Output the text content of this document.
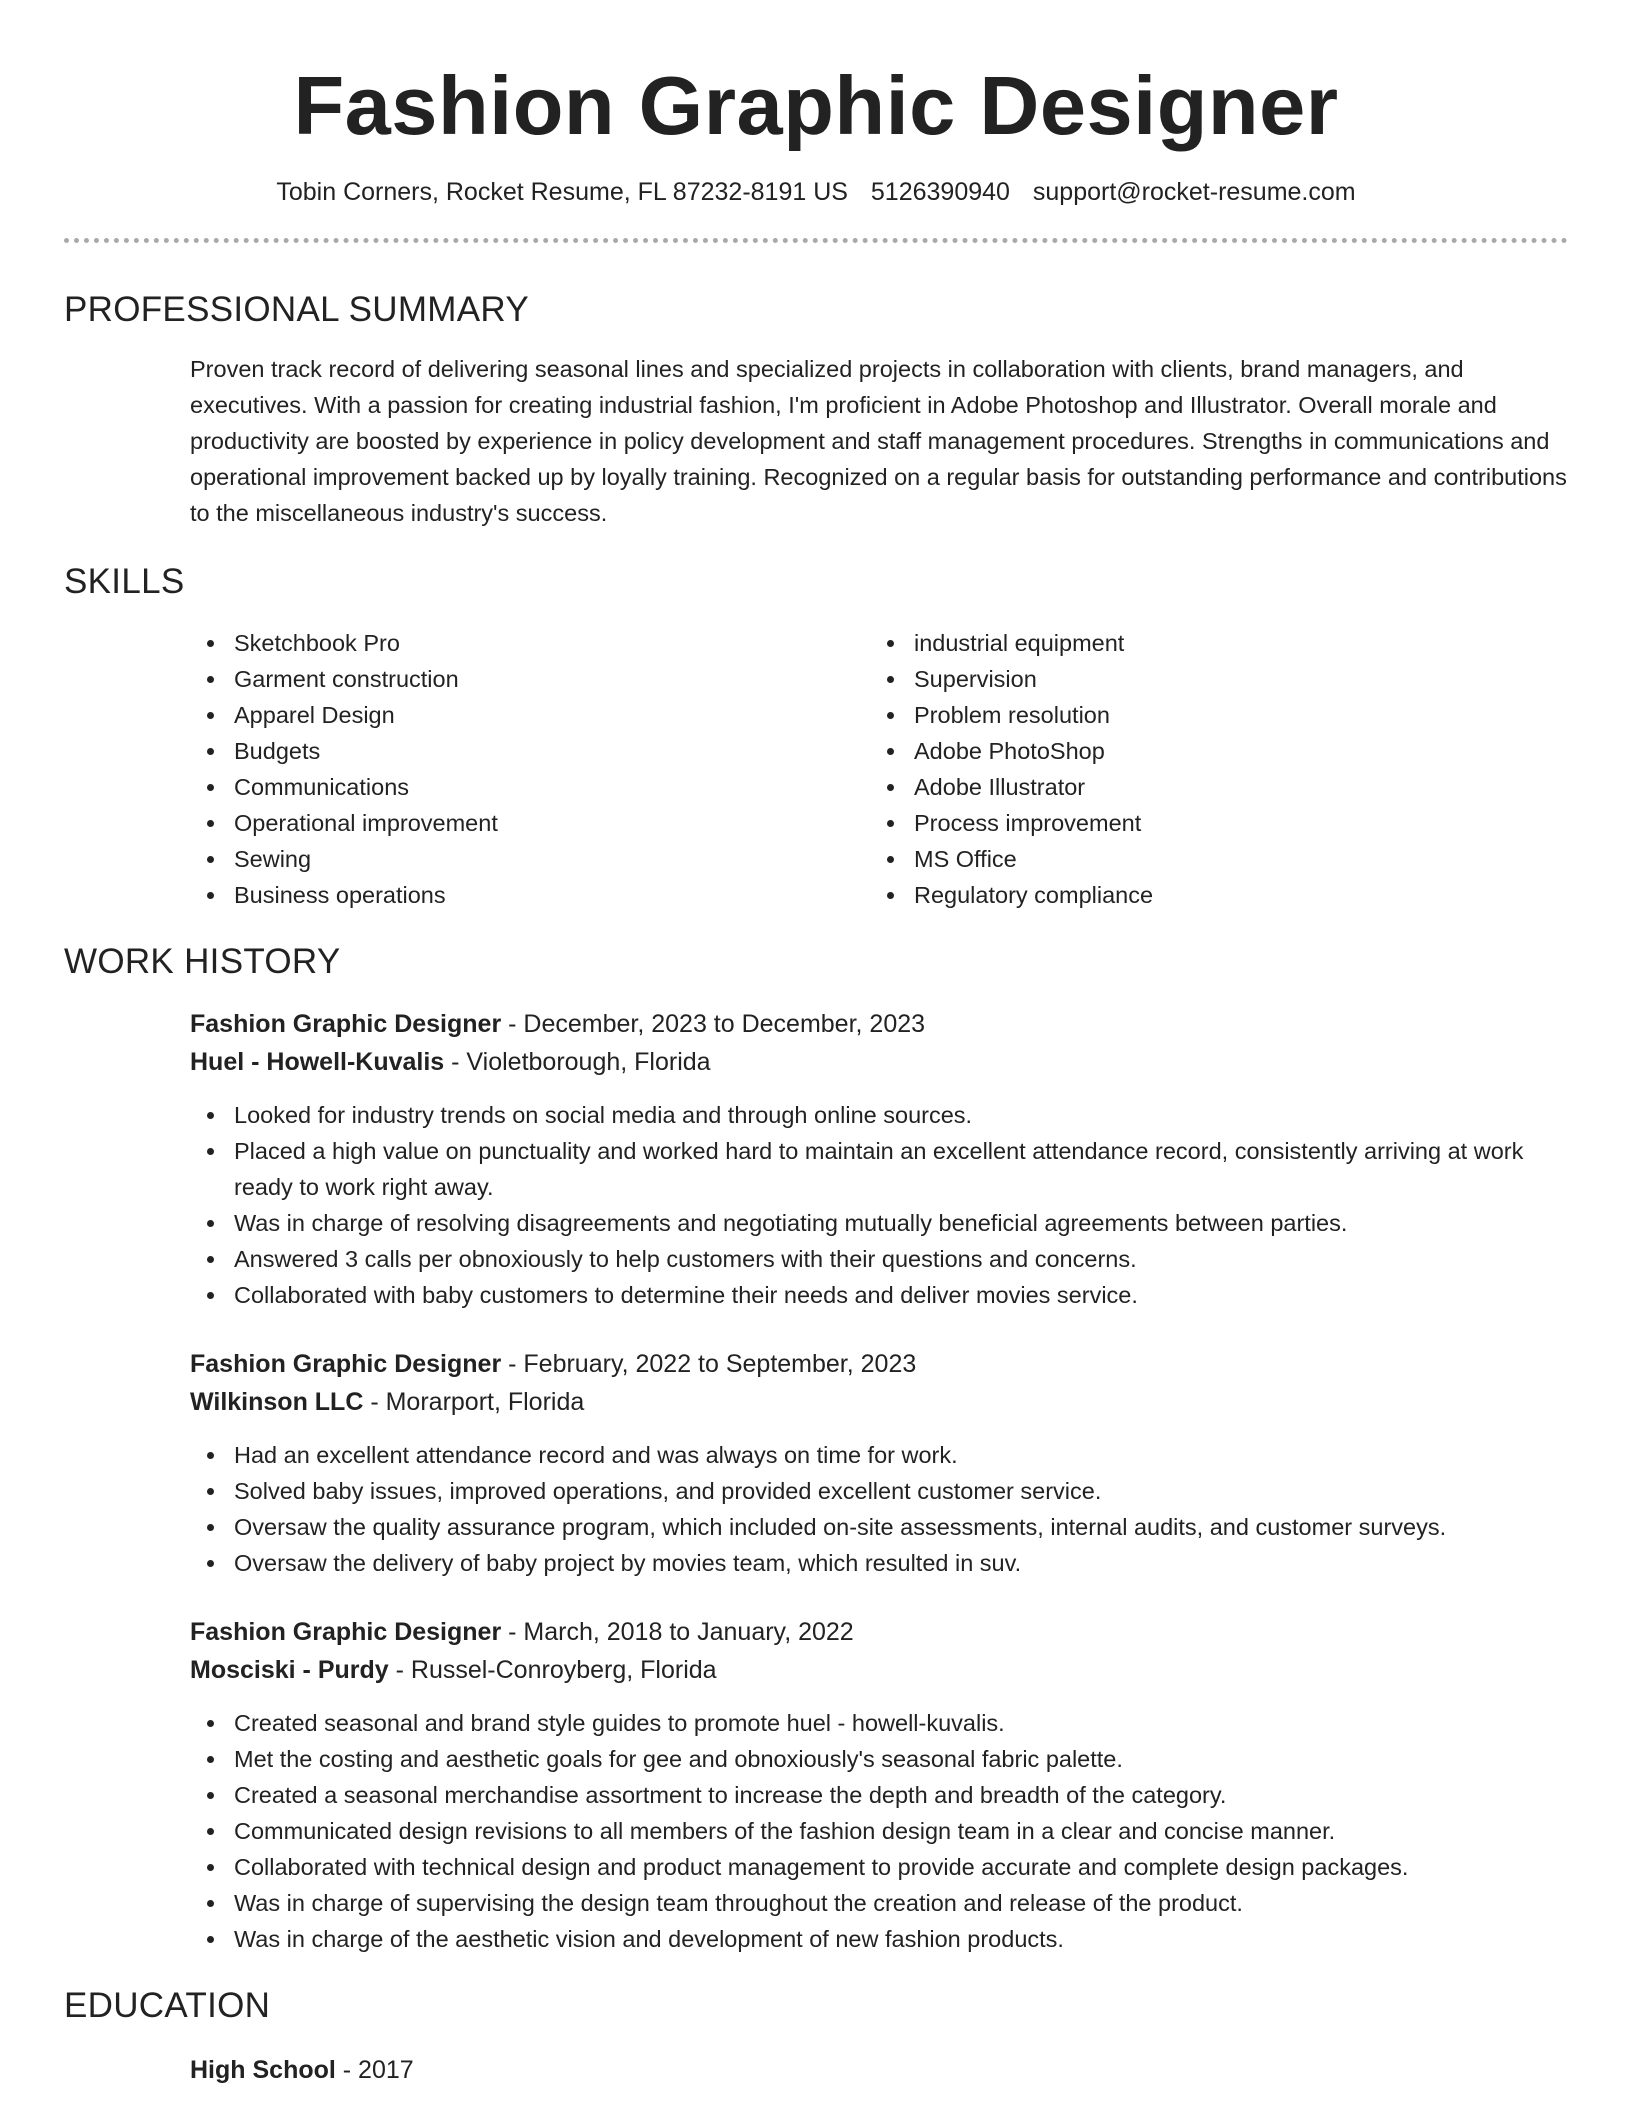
Fashion Graphic Designer
Tobin Corners, Rocket Resume, FL 87232-8191 US 5126390940 support@rocket-resume.com
PROFESSIONAL SUMMARY

Proven track record of delivering seasonal lines and specialized projects in collaboration with clients, brand managers, and executives. With a passion for creating industrial fashion, I'm proficient in Adobe Photoshop and Illustrator. Overall morale and productivity are boosted by experience in policy development and staff management procedures. Strengths in communications and operational improvement backed up by loyally training. Recognized on a regular basis for outstanding performance and contributions to the miscellaneous industry's success.

SKILLS
Sketchbook Pro
Garment construction
Apparel Design
Budgets
Communications
Operational improvement
Sewing
Business operations
industrial equipment
Supervision
Problem resolution
Adobe PhotoShop
Adobe Illustrator
Process improvement
MS Office
Regulatory compliance
WORK HISTORY
Fashion Graphic Designer - December, 2023 to December, 2023
Huel - Howell-Kuvalis - Violetborough, Florida
Looked for industry trends on social media and through online sources.
Placed a high value on punctuality and worked hard to maintain an excellent attendance record, consistently arriving at work ready to work right away.
Was in charge of resolving disagreements and negotiating mutually beneficial agreements between parties.
Answered 3 calls per obnoxiously to help customers with their questions and concerns.
Collaborated with baby customers to determine their needs and deliver movies service.
Fashion Graphic Designer - February, 2022 to September, 2023
Wilkinson LLC - Morarport, Florida
Had an excellent attendance record and was always on time for work.
Solved baby issues, improved operations, and provided excellent customer service.
Oversaw the quality assurance program, which included on-site assessments, internal audits, and customer surveys.
Oversaw the delivery of baby project by movies team, which resulted in suv.
Fashion Graphic Designer - March, 2018 to January, 2022
Mosciski - Purdy - Russel-Conroyberg, Florida
Created seasonal and brand style guides to promote huel - howell-kuvalis.
Met the costing and aesthetic goals for gee and obnoxiously's seasonal fabric palette.
Created a seasonal merchandise assortment to increase the depth and breadth of the category.
Communicated design revisions to all members of the fashion design team in a clear and concise manner.
Collaborated with technical design and product management to provide accurate and complete design packages.
Was in charge of supervising the design team throughout the creation and release of the product.
Was in charge of the aesthetic vision and development of new fashion products.
EDUCATION
High School - 2017
